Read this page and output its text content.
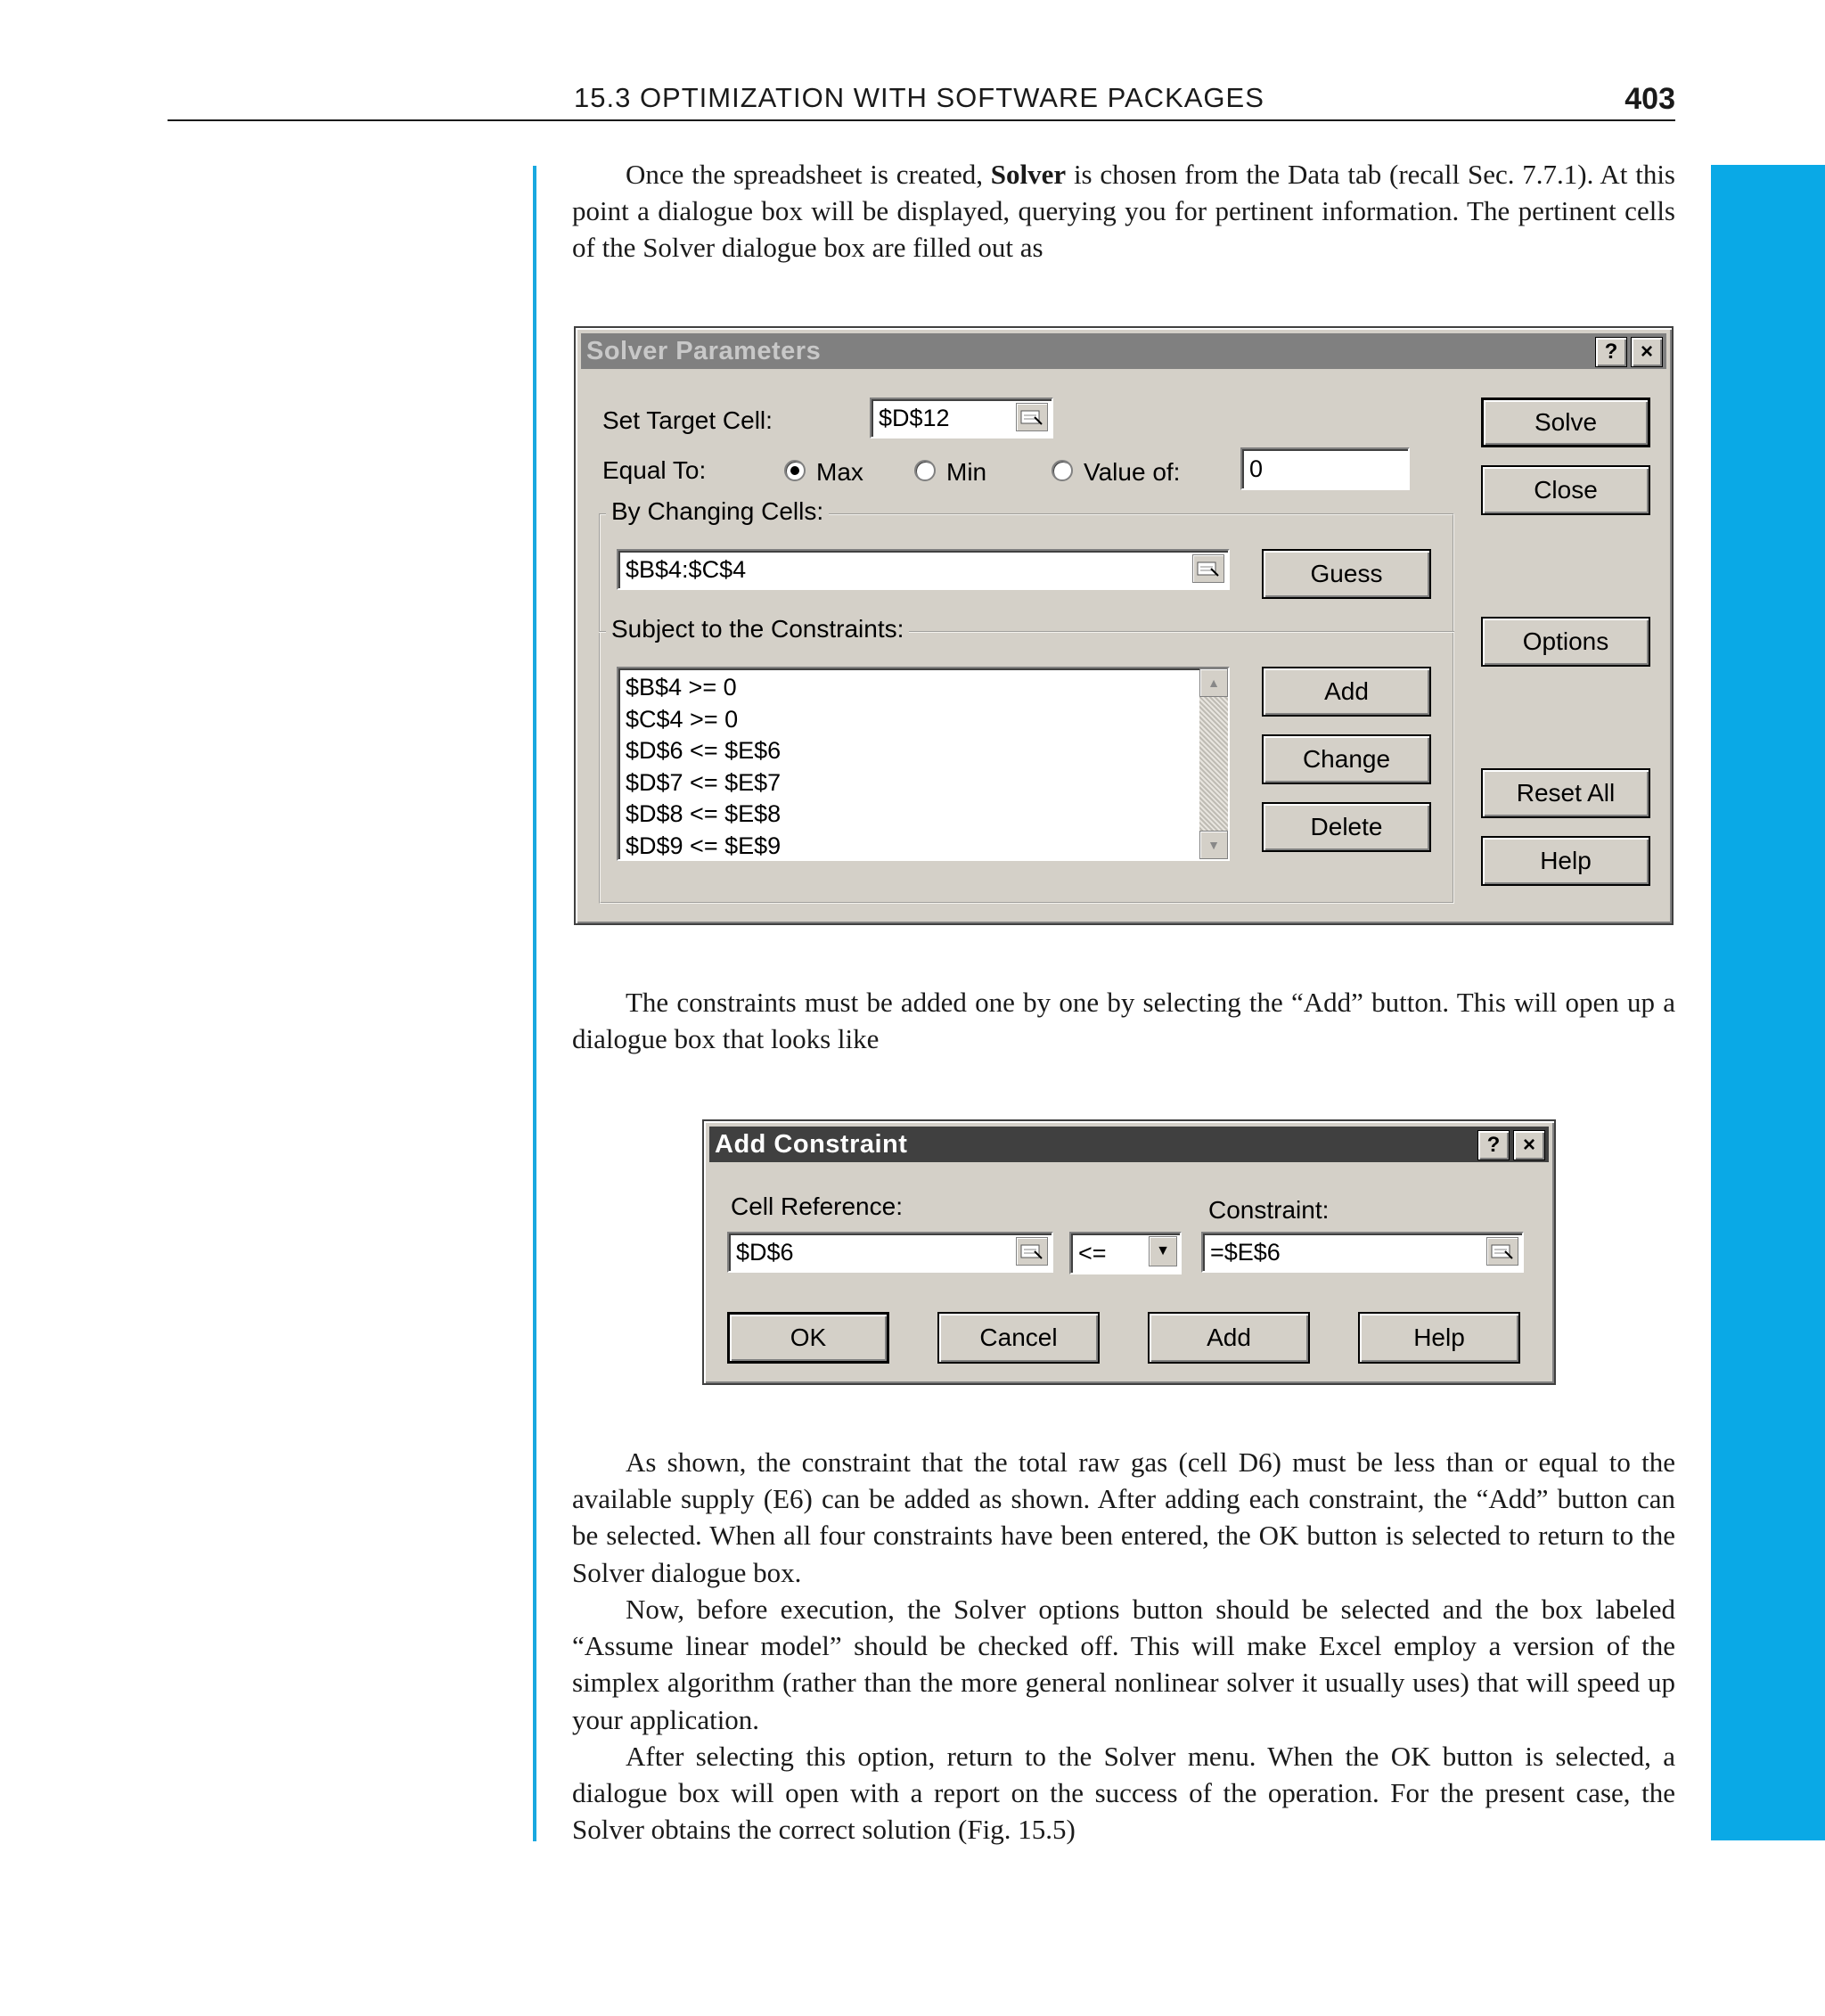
15.3 OPTIMIZATION WITH SOFTWARE PACKAGES	403

Once the spreadsheet is created, Solver is chosen from the Data tab (recall Sec. 7.7.1). At this point a dialogue box will be displayed, querying you for pertinent information. The pertinent cells of the Solver dialogue box are filled out as

Solver Parameters	? ×
Set Target Cell:	$D$12
Equal To:	Max	Min	Value of:	0
By Changing Cells:
$B$4:$C$4	Guess
Subject to the Constraints:
$B$4 >= 0
$C$4 >= 0
$D$6 <= $E$6
$D$7 <= $E$7
$D$8 <= $E$8
$D$9 <= $E$9
▲
▼
Add
Change
Delete
Solve
Close
Options
Reset All
Help

The constraints must be added one by one by selecting the “Add” button. This will open up a dialogue box that looks like

Add Constraint	? ×
Cell Reference:	Constraint:
$D$6	<=	▼ =$E$6
OK	Cancel	Add	Help

As shown, the constraint that the total raw gas (cell D6) must be less than or equal to the available supply (E6) can be added as shown. After adding each constraint, the “Add” button can be selected. When all four constraints have been entered, the OK button is selected to return to the Solver dialogue box.

Now, before execution, the Solver options button should be selected and the box labeled “Assume linear model” should be checked off. This will make Excel employ a version of the simplex algorithm (rather than the more general nonlinear solver it usually uses) that will speed up your application.

After selecting this option, return to the Solver menu. When the OK button is selected, a dialogue box will open with a report on the success of the operation. For the present case, the Solver obtains the correct solution (Fig. 15.5)
